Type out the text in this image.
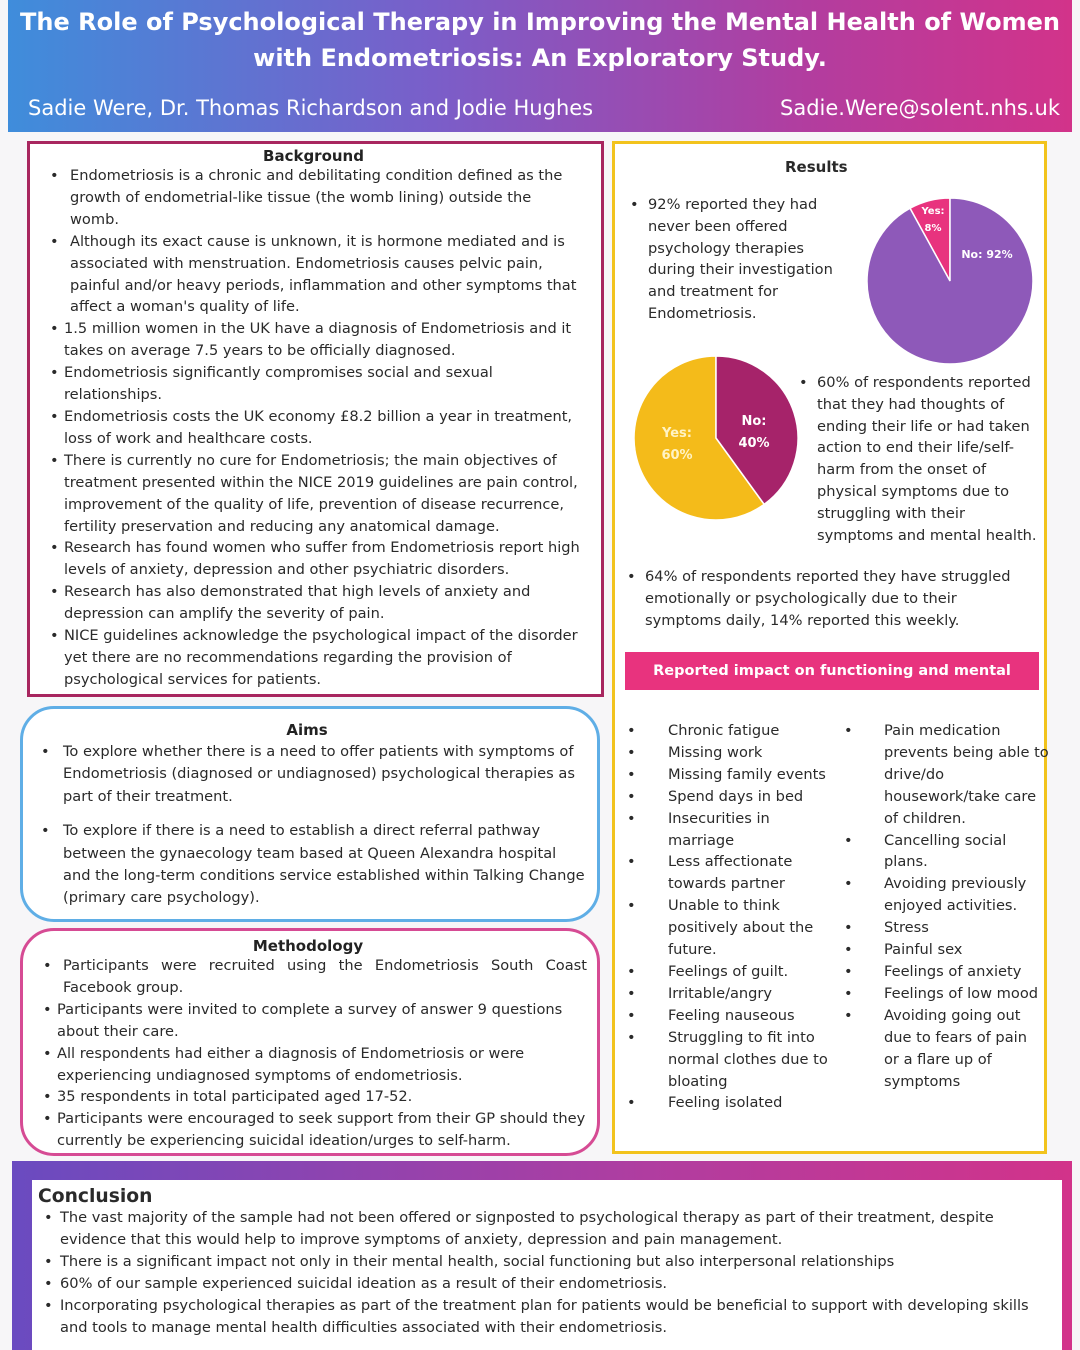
The Role of Psychological Therapy in Improving the Mental Health of Women
with Endometriosis: An Exploratory Study.
Sadie Were, Dr. Thomas Richardson and Jodie Hughes	Sadie.Were@solent.nhs.uk
Background
• Endometriosis is a chronic and debilitating condition defined as the growth of endometrial-like tissue (the womb lining) outside the womb.
• Although its exact cause is unknown, it is hormone mediated and is associated with menstruation. Endometriosis causes pelvic pain, painful and/or heavy periods, inflammation and other symptoms that affect a woman's quality of life.
• 1.5 million women in the UK have a diagnosis of Endometriosis and it takes on average 7.5 years to be officially diagnosed.
• Endometriosis significantly compromises social and sexual relationships.
• Endometriosis costs the UK economy £8.2 billion a year in treatment, loss of work and healthcare costs.
• There is currently no cure for Endometriosis; the main objectives of treatment presented within the NICE 2019 guidelines are pain control, improvement of the quality of life, prevention of disease recurrence, fertility preservation and reducing any anatomical damage.
• Research has found women who suffer from Endometriosis report high levels of anxiety, depression and other psychiatric disorders.
• Research has also demonstrated that high levels of anxiety and depression can amplify the severity of pain.
• NICE guidelines acknowledge the psychological impact of the disorder yet there are no recommendations regarding the provision of psychological services for patients.
Aims
• To explore whether there is a need to offer patients with symptoms of Endometriosis (diagnosed or undiagnosed) psychological therapies as part of their treatment.
• To explore if there is a need to establish a direct referral pathway between the gynaecology team based at Queen Alexandra hospital and the long-term conditions service established within Talking Change (primary care psychology).
Methodology
• Participants were recruited using the Endometriosis South Coast Facebook group.
• Participants were invited to complete a survey of answer 9 questions about their care.
• All respondents had either a diagnosis of Endometriosis or were experiencing undiagnosed symptoms of endometriosis.
• 35 respondents in total participated aged 17-52.
• Participants were encouraged to seek support from their GP should they currently be experiencing suicidal ideation/urges to self-harm.
Results
• 92% reported they had never been offered psychology therapies during their investigation and treatment for Endometriosis.
Yes:
8%
No: 92%
Yes:
60%
No:
40%
• 60% of respondents reported that they had thoughts of ending their life or had taken action to end their life/self-harm from the onset of physical symptoms due to struggling with their symptoms and mental health.
• 64% of respondents reported they have struggled emotionally or psychologically due to their symptoms daily, 14% reported this weekly.
Reported impact on functioning and mental health
• Chronic fatigue
• Missing work
• Missing family events
• Spend days in bed
• Insecurities in marriage
• Less affectionate towards partner
• Unable to think positively about the future.
• Feelings of guilt.
• Irritable/angry
• Feeling nauseous
• Struggling to fit into normal clothes due to bloating
• Feeling isolated
• Pain medication prevents being able to drive/do housework/take care of children.
• Cancelling social plans.
• Avoiding previously enjoyed activities.
• Stress
• Painful sex
• Feelings of anxiety
• Feelings of low mood
• Avoiding going out due to fears of pain or a flare up of symptoms
Conclusion
• The vast majority of the sample had not been offered or signposted to psychological therapy as part of their treatment, despite evidence that this would help to improve symptoms of anxiety, depression and pain management.
• There is a significant impact not only in their mental health, social functioning but also interpersonal relationships
• 60% of our sample experienced suicidal ideation as a result of their endometriosis.
• Incorporating psychological therapies as part of the treatment plan for patients would be beneficial to support with developing skills and tools to manage mental health difficulties associated with their endometriosis.
